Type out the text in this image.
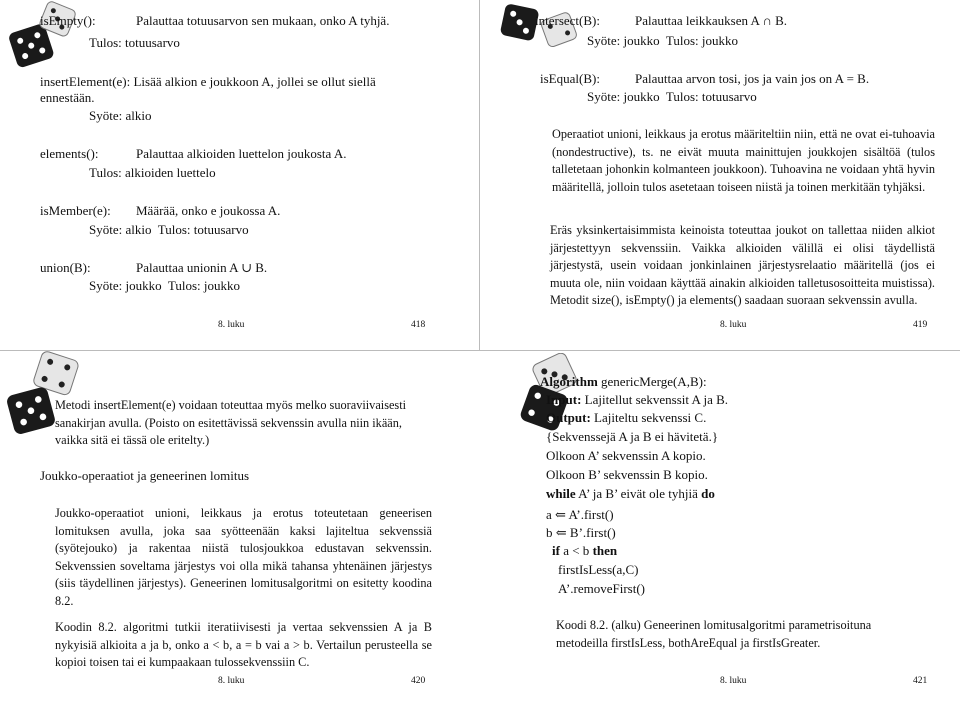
isEmpty():	Palauttaa totuusarvon sen mukaan, onko A tyhjä.
Tulos: totuusarvo
insertElement(e): Lisää alkion e joukkoon A, jollei se ollut siellä
ennestään.
Syöte: alkio
elements():	Palauttaa alkioiden luettelon joukosta A.
Tulos: alkioiden luettelo
isMember(e): Määrää, onko e joukossa A.
Syöte: alkio  Tulos: totuusarvo
union(B):	Palauttaa unionin A ∪ B.
Syöte: joukko  Tulos: joukko
8. luku	418
intersect(B):	Palauttaa leikkauksen A ∩ B.
Syöte: joukko  Tulos: joukko
isEqual(B):	Palauttaa arvon tosi, jos ja vain jos on A = B.
Syöte: joukko  Tulos: totuusarvo
Operaatiot unioni, leikkaus ja erotus määriteltiin niin, että ne ovat ei-tuhoavia (nondestructive), ts. ne eivät muuta mainittujen joukkojen sisältöä (tulos talletetaan johonkin kolmanteen joukkoon). Tuhoavina ne voidaan yhtä hyvin määritellä, jolloin tulos asetetaan toiseen niistä ja toinen merkitään tyhjäksi.
Eräs yksinkertaisimmista keinoista toteuttaa joukot on tallettaa niiden alkiot järjestettyyn sekvenssiin. Vaikka alkioiden välillä ei olisi täydellistä järjestystä, usein voidaan jonkinlainen järjestysrelaatio määritellä (jos ei muuta ole, niin voidaan käyttää ainakin alkioiden talletusosoitteita muistissa). Metodit size(), isEmpty() ja elements() saadaan suoraan sekvenssin avulla.
8. luku	419
Metodi insertElement(e) voidaan toteuttaa myös melko suoraviivaisesti sanakirjan avulla. (Poisto on esitettävissä sekvenssin avulla niin ikään, vaikka sitä ei tässä ole eritelty.)
Joukko-operaatiot ja geneerinen lomitus
Joukko-operaatiot unioni, leikkaus ja erotus toteutetaan geneerisen lomituksen avulla, joka saa syötteenään kaksi lajiteltua sekvenssiä (syötejouko) ja rakentaa niistä tulosjoukkoa edustavan sekvenssin. Sekvenssien soveltama järjestys voi olla mikä tahansa yhtenäinen järjestys (siis täydellinen järjestys). Geneerinen lomitusalgoritmi on esitetty koodina 8.2.
Koodin 8.2. algoritmi tutkii iteratiivisesti ja vertaa sekvenssien A ja B nykyisiä alkioita a ja b, onko a < b, a = b vai a > b. Vertailun perusteella se kopioi toisen tai ei kumpaakaan tulossekvenssiin C.
8. luku	420
Algorithm genericMerge(A,B):
Input: Lajitellut sekvenssit A ja B.
Output: Lajiteltu sekvenssi C.
{Sekvenssejä A ja B ei hävitetä.}
Olkoon A’ sekvenssin A kopio.
Olkoon B’ sekvenssin B kopio.
while A’ ja B’ eivät ole tyhjiä do
a ⇐ A’.first()
b ⇐ B’.first()
if a < b then
firstIsLess(a,C)
A’.removeFirst()
Koodi 8.2. (alku) Geneerinen lomitusalgoritmi parametrisoituna metodeilla firstIsLess, bothAreEqual ja firstIsGreater.
8. luku	421
